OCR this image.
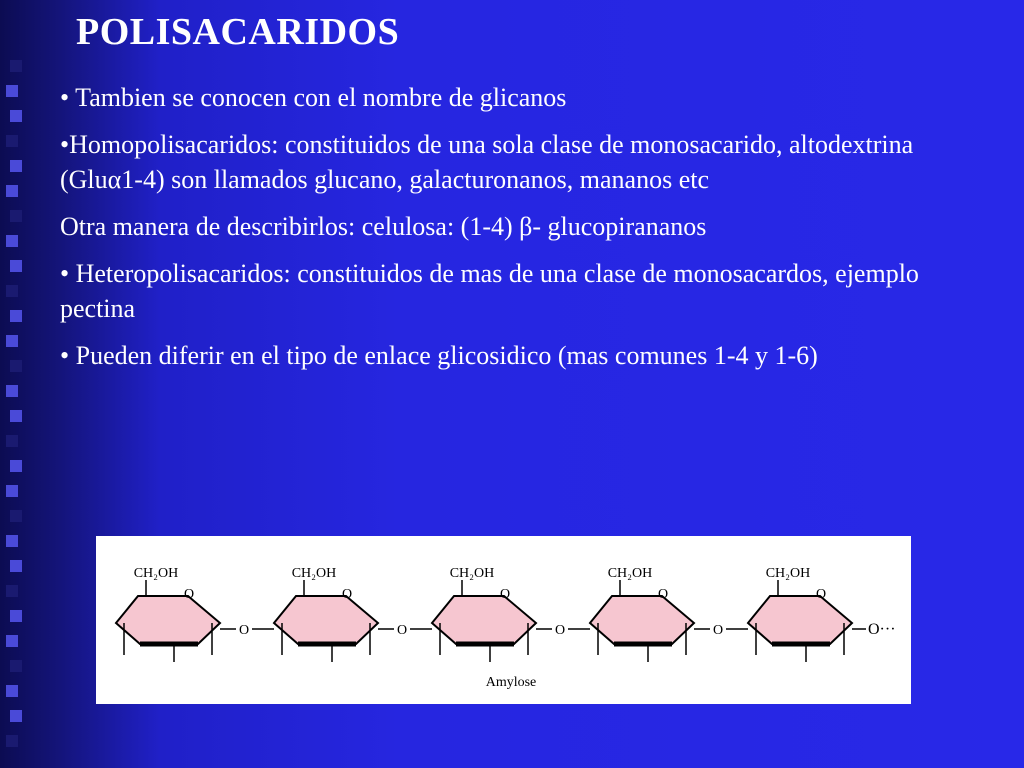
POLISACARIDOS

• Tambien se conocen con el nombre de glicanos

•Homopolisacaridos: constituidos de una sola clase de monosacarido, altodextrina (Gluα1-4) son llamados glucano, galacturonanos, mananos etc

Otra manera de describirlos: celulosa: (1-4) β- glucopirananos

• Heteropolisacaridos: constituidos de mas de una clase de monosacardos, ejemplo pectina

• Pueden diferir en el tipo de enlace glicosidico (mas comunes 1-4 y 1-6)

O
CH₂OH
O
O
CH₂OH
O
O
CH₂OH
O
O
CH₂OH
O
O
CH₂OH
O···
Amylose
